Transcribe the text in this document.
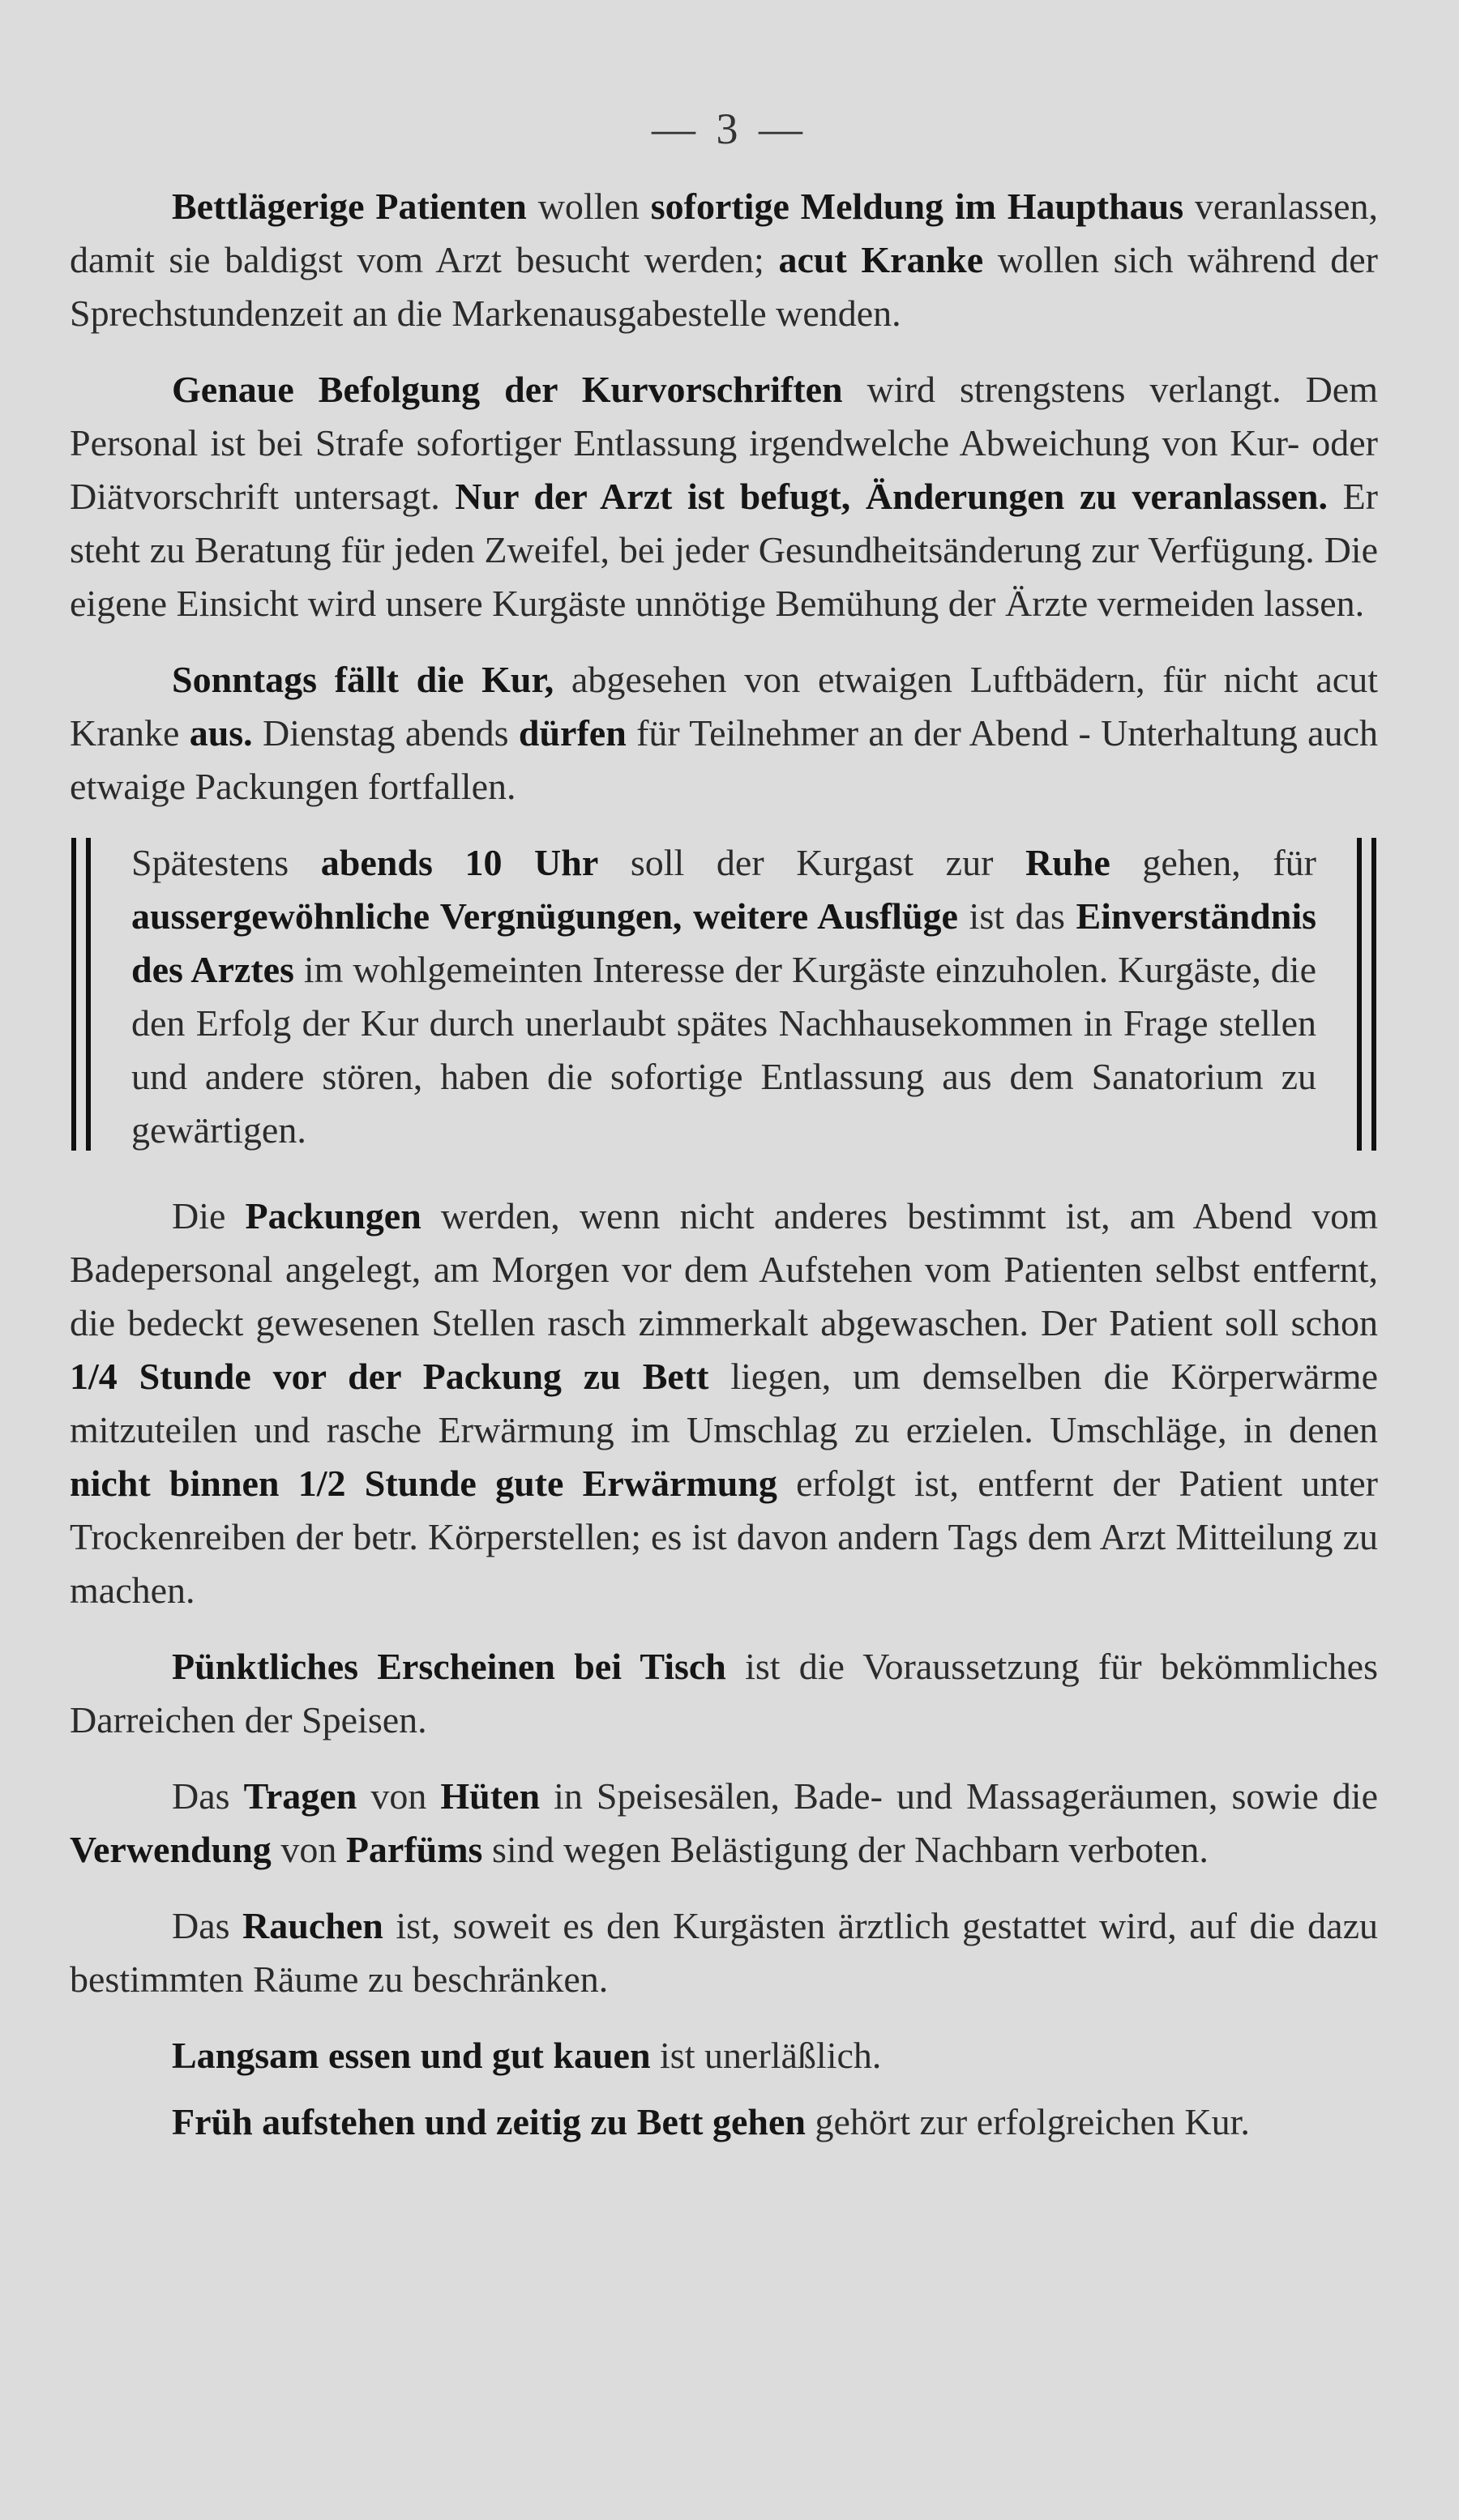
— 3 —

Bettlägerige Patienten wollen sofortige Meldung im Haupthaus veranlassen, damit sie baldigst vom Arzt besucht werden; acut Kranke wollen sich während der Sprechstundenzeit an die Markenausgabestelle wenden.

Genaue Befolgung der Kurvorschriften wird strengstens verlangt. Dem Personal ist bei Strafe sofortiger Entlassung irgendwelche Abweichung von Kur- oder Diätvorschrift untersagt. Nur der Arzt ist befugt, Änderungen zu veranlassen. Er steht zu Beratung für jeden Zweifel, bei jeder Gesundheitsänderung zur Verfügung. Die eigene Einsicht wird unsere Kurgäste unnötige Bemühung der Ärzte vermeiden lassen.

Sonntags fällt die Kur, abgesehen von etwaigen Luftbädern, für nicht acut Kranke aus. Dienstag abends dürfen für Teilnehmer an der Abend - Unterhaltung auch etwaige Packungen fortfallen.

Spätestens abends 10 Uhr soll der Kurgast zur Ruhe gehen, für aussergewöhnliche Vergnügungen, weitere Ausflüge ist das Einverständnis des Arztes im wohlgemeinten Interesse der Kurgäste einzuholen. Kurgäste, die den Erfolg der Kur durch unerlaubt spätes Nachhausekommen in Frage stellen und andere stören, haben die sofortige Entlassung aus dem Sanatorium zu gewärtigen.

Die Packungen werden, wenn nicht anderes bestimmt ist, am Abend vom Badepersonal angelegt, am Morgen vor dem Aufstehen vom Patienten selbst entfernt, die bedeckt gewesenen Stellen rasch zimmerkalt abgewaschen. Der Patient soll schon 1/4 Stunde vor der Packung zu Bett liegen, um demselben die Körperwärme mitzuteilen und rasche Erwärmung im Umschlag zu erzielen. Umschläge, in denen nicht binnen 1/2 Stunde gute Erwärmung erfolgt ist, entfernt der Patient unter Trockenreiben der betr. Körperstellen; es ist davon andern Tags dem Arzt Mitteilung zu machen.

Pünktliches Erscheinen bei Tisch ist die Voraussetzung für bekömmliches Darreichen der Speisen.

Das Tragen von Hüten in Speisesälen, Bade- und Massageräumen, sowie die Verwendung von Parfüms sind wegen Belästigung der Nachbarn verboten.

Das Rauchen ist, soweit es den Kurgästen ärztlich gestattet wird, auf die dazu bestimmten Räume zu beschränken.

Langsam essen und gut kauen ist unerläßlich.

Früh aufstehen und zeitig zu Bett gehen gehört zur erfolgreichen Kur.
